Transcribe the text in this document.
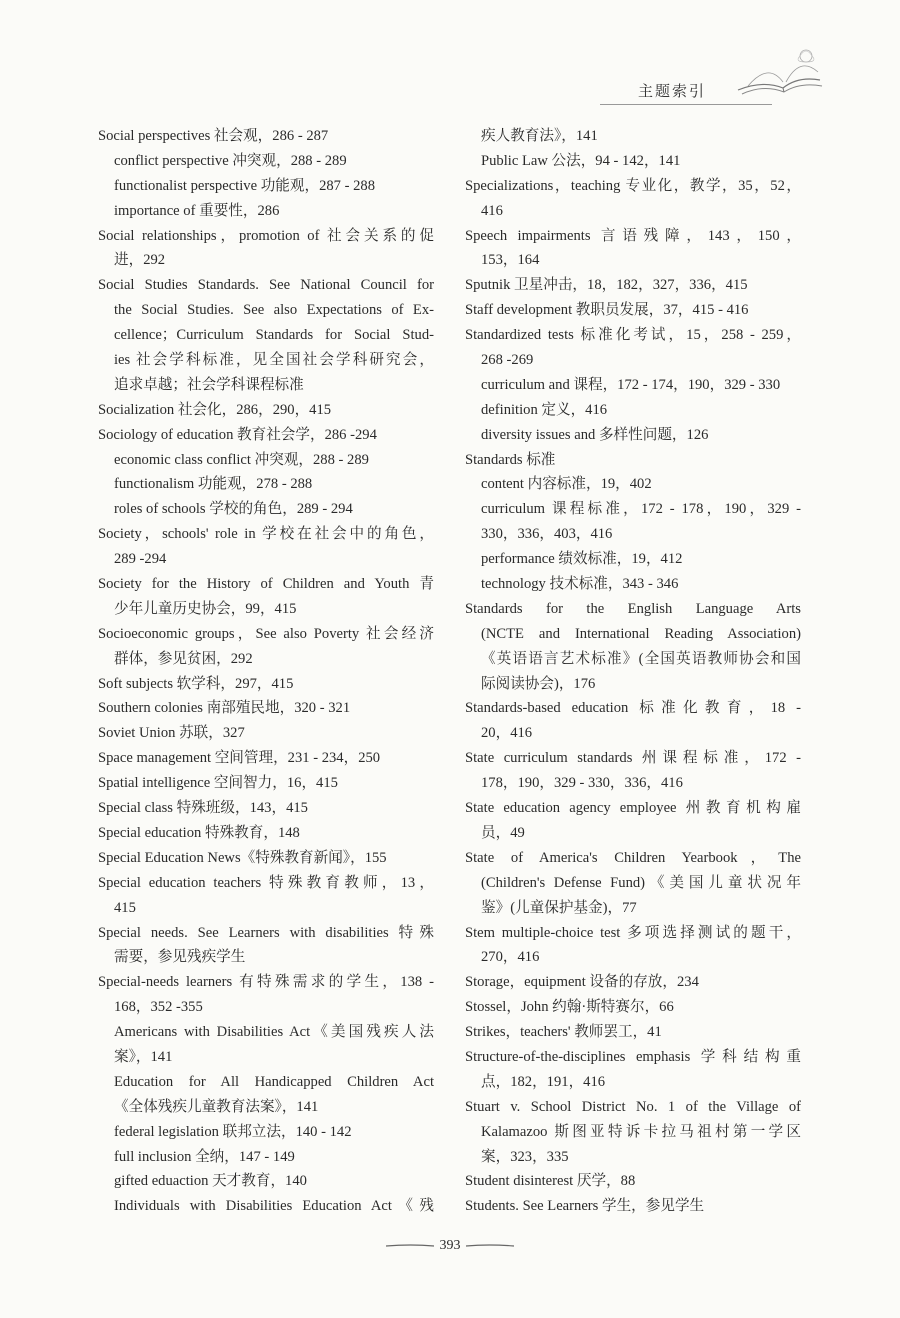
主题索引
Social perspectives 社会观，286 - 287
conflict perspective 冲突观，288 - 289
functionalist perspective 功能观，287 - 288
importance of 重要性，286
Social relationships，promotion of 社会关系的促
进，292
Social Studies Standards. See National Council for
the Social Studies. See also Expectations of Ex-
cellence；Curriculum Standards for Social Stud-
ies 社会学科标准，见全国社会学科研究会，
追求卓越；社会学科课程标准
Socialization 社会化，286，290，415
Sociology of education 教育社会学，286 -294
economic class conflict 冲突观，288 - 289
functionalism 功能观，278 - 288
roles of schools 学校的角色，289 - 294
Society，schools' role in 学校在社会中的角色，
289 -294
Society for the History of Children and Youth 青
少年儿童历史协会，99，415
Socioeconomic groups，See also Poverty 社会经济
群体，参见贫困，292
Soft subjects 软学科，297，415
Southern colonies 南部殖民地，320 - 321
Soviet Union 苏联，327
Space management 空间管理，231 - 234，250
Spatial intelligence 空间智力，16，415
Special class 特殊班级，143，415
Special education 特殊教育，148
Special Education News《特殊教育新闻》，155
Special education teachers 特殊教育教师，13，
415
Special needs. See Learners with disabilities 特殊
需要，参见残疾学生
Special-needs learners 有特殊需求的学生，138 -
168，352 -355
Americans with Disabilities Act《美国残疾人法
案》，141
Education for All Handicapped Children Act
《全体残疾儿童教育法案》，141
federal legislation 联邦立法，140 - 142
full inclusion 全纳，147 - 149
gifted eduaction 天才教育，140
Individuals with Disabilities Education Act《残
疾人教育法》，141
Public Law 公法，94 - 142，141
Specializations，teaching 专业化，教学，35，52，
416
Speech impairments 言语残障，143，150，
153，164
Sputnik 卫星冲击，18，182，327，336，415
Staff development 教职员发展，37，415 - 416
Standardized tests 标准化考试，15，258 - 259，
268 -269
curriculum and 课程，172 - 174，190，329 - 330
definition 定义，416
diversity issues and 多样性问题，126
Standards 标准
content 内容标准，19，402
curriculum 课程标准，172 - 178，190，329 -
330，336，403，416
performance 绩效标准，19，412
technology 技术标准，343 - 346
Standards for the English Language Arts
(NCTE and International Reading Association)
《英语语言艺术标准》(全国英语教师协会和国
际阅读协会)，176
Standards-based education 标准化教育，18 -
20，416
State curriculum standards 州课程标准，172 -
178，190，329 - 330，336，416
State education agency employee 州教育机构雇
员，49
State of America's Children Yearbook，The
(Children's Defense Fund)《美国儿童状况年
鉴》(儿童保护基金)，77
Stem multiple-choice test 多项选择测试的题干，
270，416
Storage，equipment 设备的存放，234
Stossel，John 约翰·斯特赛尔，66
Strikes，teachers' 教师罢工，41
Structure-of-the-disciplines emphasis 学科结构重
点，182，191，416
Stuart v. School District No. 1 of the Village of
Kalamazoo 斯图亚特诉卡拉马祖村第一学区
案，323，335
Student disinterest 厌学，88
Students. See Learners 学生，参见学生
393
